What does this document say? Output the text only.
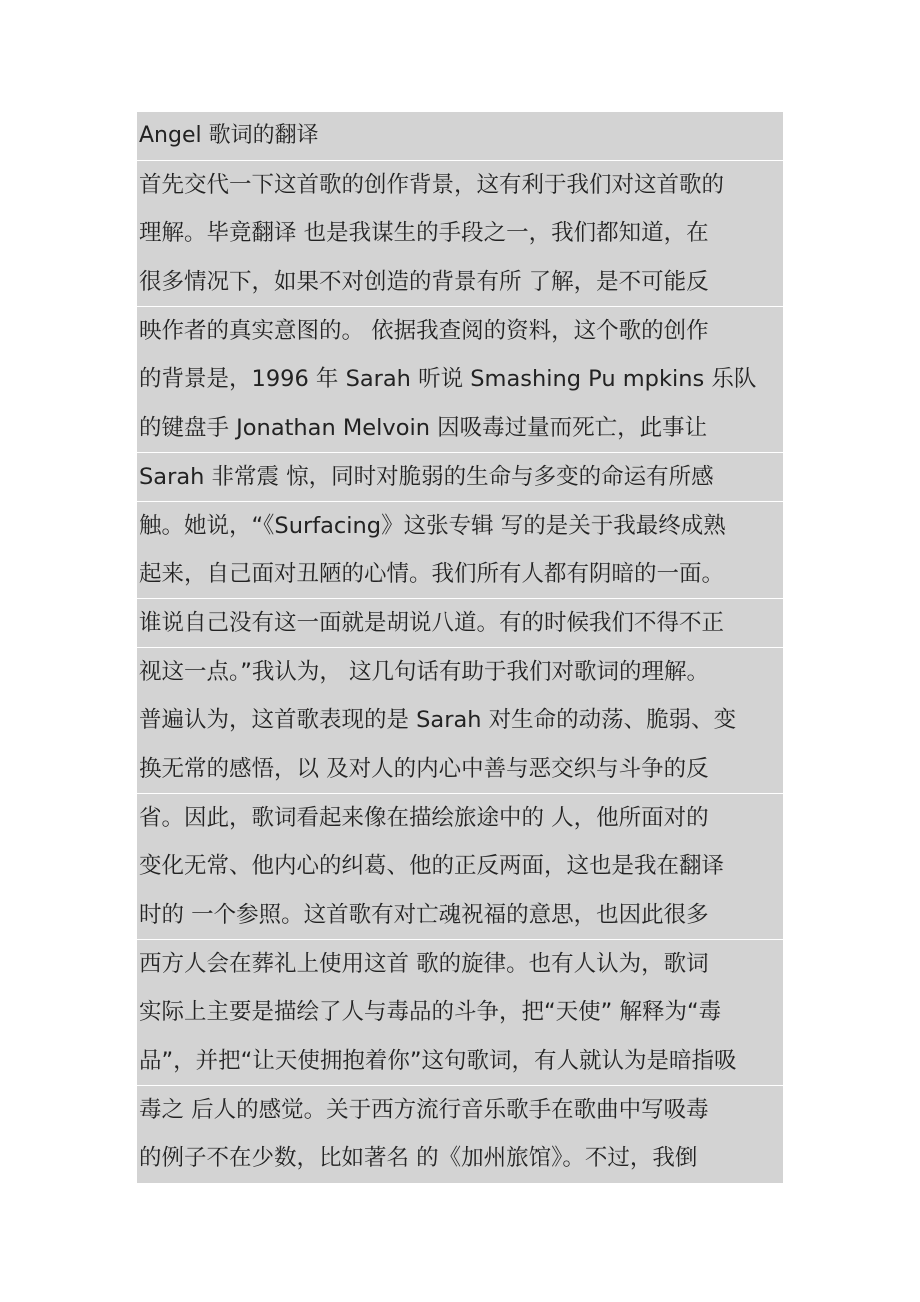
Angel 歌词的翻译
首先交代一下这首歌的创作背景，这有利于我们对这首歌的
理解。毕竟翻译 也是我谋生的手段之一，我们都知道，在
很多情况下，如果不对创造的背景有所 了解，是不可能反
映作者的真实意图的。 依据我查阅的资料，这个歌的创作
的背景是，1996 年 Sarah 听说 Smashing Pu mpkins 乐队
的键盘手 Jonathan Melvoin 因吸毒过量而死亡，此事让
Sarah 非常震 惊，同时对脆弱的生命与多变的命运有所感
触。她说，“《Surfacing》这张专辑 写的是关于我最终成熟
起来，自己面对丑陋的心情。我们所有人都有阴暗的一面。
谁说自己没有这一面就是胡说八道。有的时候我们不得不正
视这一点。”我认为， 这几句话有助于我们对歌词的理解。
普遍认为，这首歌表现的是 Sarah 对生命的动荡、脆弱、变
换无常的感悟，以 及对人的内心中善与恶交织与斗争的反
省。因此，歌词看起来像在描绘旅途中的 人，他所面对的
变化无常、他内心的纠葛、他的正反两面，这也是我在翻译
时的 一个参照。这首歌有对亡魂祝福的意思，也因此很多
西方人会在葬礼上使用这首 歌的旋律。也有人认为，歌词
实际上主要是描绘了人与毒品的斗争，把“天使” 解释为“毒
品”，并把“让天使拥抱着你”这句歌词，有人就认为是暗指吸
毒之 后人的感觉。关于西方流行音乐歌手在歌曲中写吸毒
的例子不在少数，比如著名 的《加州旅馆》。不过，我倒
